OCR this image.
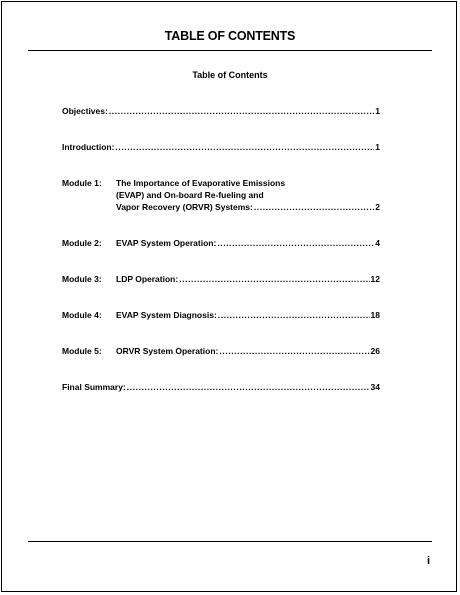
TABLE OF CONTENTS
Table of Contents
Objectives: .....	1
Introduction: .....	1
Module 1:	The Importance of Evaporative Emissions
(EVAP) and On-board Re-fueling and
Vapor Recovery (ORVR) Systems: .....	2
Module 2:	EVAP System Operation: .....	4
Module 3:	LDP Operation: .....	12
Module 4:	EVAP System Diagnosis: .....	18
Module 5:	ORVR System Operation: .....	26
Final Summary: .....	34
i
